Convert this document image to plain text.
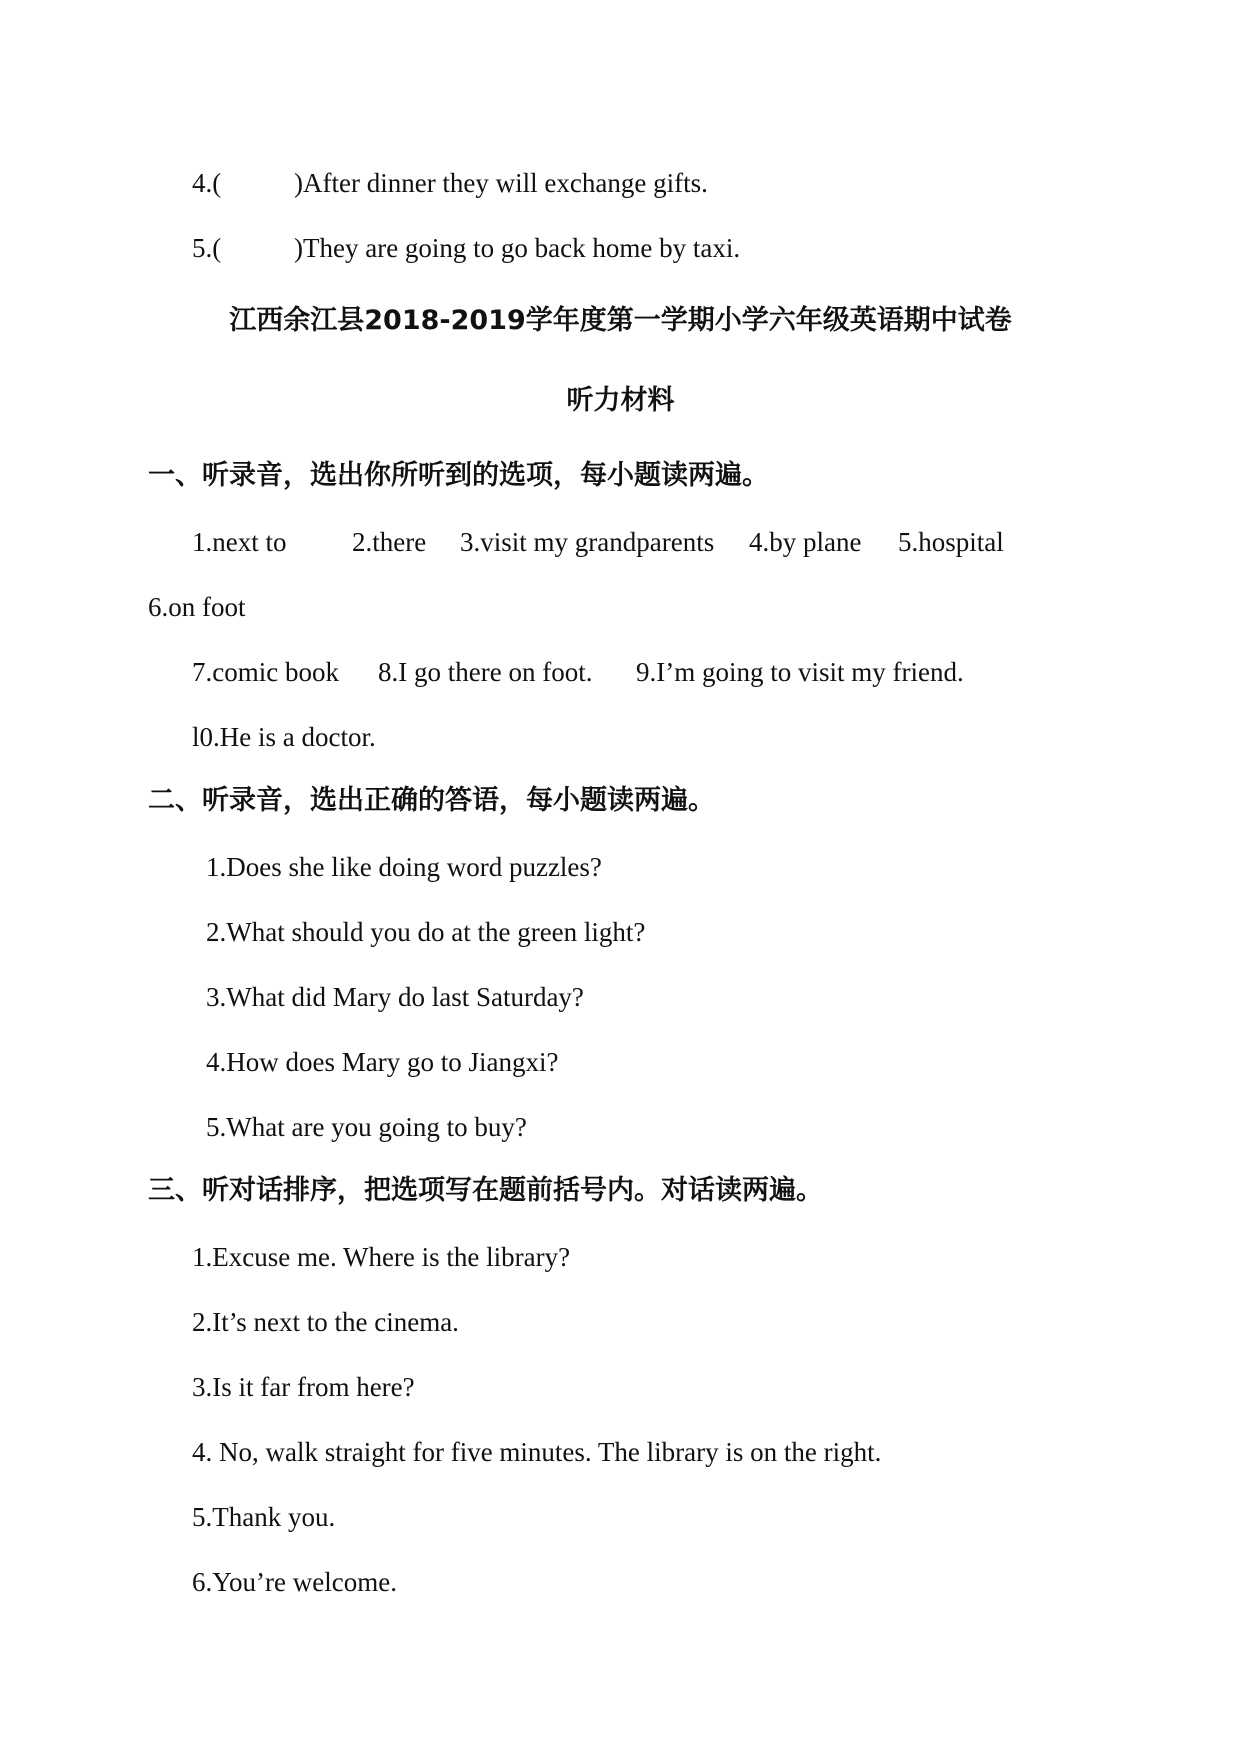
4.(	)After dinner they will exchange gifts.
5.(	)They are going to go back home by taxi.
江西余江县2018-2019学年度第一学期小学六年级英语期中试卷
听力材料
一、听录音，选出你所听到的选项，每小题读两遍。
1.next to 2.there 3.visit my grandparents 4.by plane 5.hospital
6.on foot
7.comic book 8.I go there on foot. 9.I’m going to visit my friend.
l0.He is a doctor.
二、听录音，选出正确的答语，每小题读两遍。
1.Does she like doing word puzzles?
2.What should you do at the green light?
3.What did Mary do last Saturday?
4.How does Mary go to Jiangxi?
5.What are you going to buy?
三、听对话排序，把选项写在题前括号内。对话读两遍。
1.Excuse me. Where is the library?
2.It’s next to the cinema.
3.Is it far from here?
4. No, walk straight for five minutes. The library is on the right.
5.Thank you.
6.You’re welcome.
